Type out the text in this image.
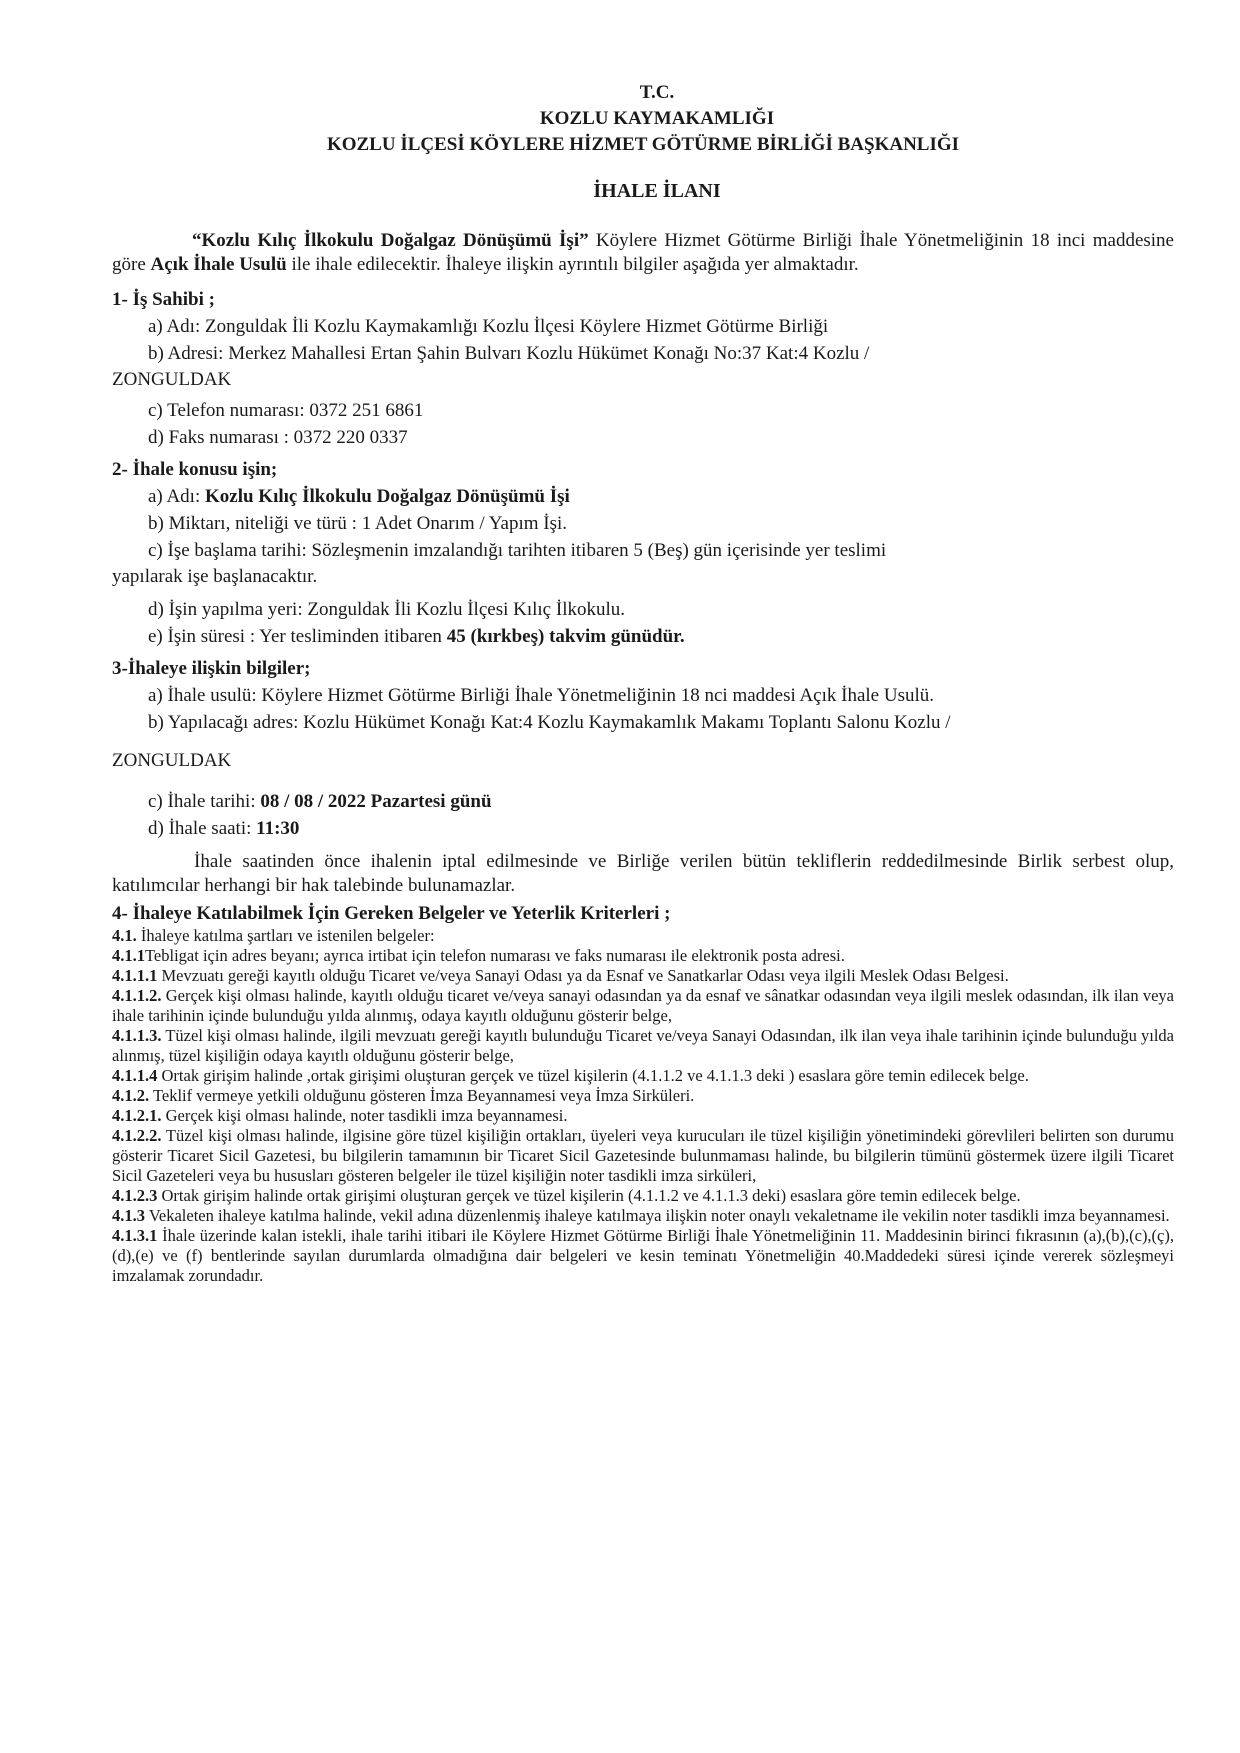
T.C.
KOZLU KAYMAKAMLIĞI
KOZLU İLÇESİ KÖYLERE HİZMET GÖTÜRME BİRLİĞİ BAŞKANLIĞI
İHALE İLANI
“Kozlu Kılıç İlkokulu Doğalgaz Dönüşümü İşi” Köylere Hizmet Götürme Birliği İhale Yönetmeliğinin 18 inci maddesine göre Açık İhale Usulü ile ihale edilecektir. İhaleye ilişkin ayrıntılı bilgiler aşağıda yer almaktadır.
1- İş Sahibi ;
a) Adı: Zonguldak İli Kozlu Kaymakamlığı Kozlu İlçesi Köylere Hizmet Götürme Birliği
b) Adresi: Merkez Mahallesi Ertan Şahin Bulvarı Kozlu Hükümet Konağı No:37 Kat:4 Kozlu /
ZONGULDAK
c) Telefon numarası: 0372 251 6861
d) Faks numarası : 0372 220 0337
2- İhale konusu işin;
a) Adı: Kozlu Kılıç İlkokulu Doğalgaz Dönüşümü İşi
b) Miktarı, niteliği ve türü : 1 Adet Onarım / Yapım İşi.
c) İşe başlama tarihi: Sözleşmenin imzalandığı tarihten itibaren 5 (Beş) gün içerisinde yer teslimi
yapılarak işe başlanacaktır.
d) İşin yapılma yeri: Zonguldak İli Kozlu İlçesi Kılıç İlkokulu.
e) İşin süresi : Yer tesliminden itibaren 45 (kırkbeş) takvim günüdür.
3-İhaleye ilişkin bilgiler;
a) İhale usulü: Köylere Hizmet Götürme Birliği İhale Yönetmeliğinin 18 nci maddesi Açık İhale Usulü.
b) Yapılacağı adres: Kozlu Hükümet Konağı Kat:4 Kozlu Kaymakamlık Makamı Toplantı Salonu Kozlu /
ZONGULDAK
c) İhale tarihi: 08 / 08 / 2022 Pazartesi günü
d) İhale saati: 11:30
İhale saatinden önce ihalenin iptal edilmesinde ve Birliğe verilen bütün tekliflerin reddedilmesinde Birlik serbest olup, katılımcılar herhangi bir hak talebinde bulunamazlar.
4- İhaleye Katılabilmek İçin Gereken Belgeler ve Yeterlik Kriterleri ;
4.1. İhaleye katılma şartları ve istenilen belgeler:
4.1.1Tebligat için adres beyanı; ayrıca irtibat için telefon numarası ve faks numarası ile elektronik posta adresi.
4.1.1.1 Mevzuatı gereği kayıtlı olduğu Ticaret ve/veya Sanayi Odası ya da Esnaf ve Sanatkarlar Odası veya ilgili Meslek Odası Belgesi.
4.1.1.2. Gerçek kişi olması halinde, kayıtlı olduğu ticaret ve/veya sanayi odasından ya da esnaf ve sânatkar odasından veya ilgili meslek odasından, ilk ilan veya ihale tarihinin içinde bulunduğu yılda alınmış, odaya kayıtlı olduğunu gösterir belge,
4.1.1.3. Tüzel kişi olması halinde, ilgili mevzuatı gereği kayıtlı bulunduğu Ticaret ve/veya Sanayi Odasından, ilk ilan veya ihale tarihinin içinde bulunduğu yılda alınmış, tüzel kişiliğin odaya kayıtlı olduğunu gösterir belge,
4.1.1.4 Ortak girişim halinde ,ortak girişimi oluşturan gerçek ve tüzel kişilerin (4.1.1.2 ve 4.1.1.3 deki ) esaslara göre temin edilecek belge.
4.1.2. Teklif vermeye yetkili olduğunu gösteren İmza Beyannamesi veya İmza Sirküleri.
4.1.2.1. Gerçek kişi olması halinde, noter tasdikli imza beyannamesi.
4.1.2.2. Tüzel kişi olması halinde, ilgisine göre tüzel kişiliğin ortakları, üyeleri veya kurucuları ile tüzel kişiliğin yönetimindeki görevlileri belirten son durumu gösterir Ticaret Sicil Gazetesi, bu bilgilerin tamamının bir Ticaret Sicil Gazetesinde bulunmaması halinde, bu bilgilerin tümünü göstermek üzere ilgili Ticaret Sicil Gazeteleri veya bu hususları gösteren belgeler ile tüzel kişiliğin noter tasdikli imza sirküleri,
4.1.2.3 Ortak girişim halinde ortak girişimi oluşturan gerçek ve tüzel kişilerin (4.1.1.2 ve 4.1.1.3 deki) esaslara göre temin edilecek belge.
4.1.3 Vekaleten ihaleye katılma halinde, vekil adına düzenlenmiş ihaleye katılmaya ilişkin noter onaylı vekaletname ile vekilin noter tasdikli imza beyannamesi.
4.1.3.1 İhale üzerinde kalan istekli, ihale tarihi itibari ile Köylere Hizmet Götürme Birliği İhale Yönetmeliğinin 11. Maddesinin birinci fıkrasının (a),(b),(c),(ç),(d),(e) ve (f) bentlerinde sayılan durumlarda olmadığına dair belgeleri ve kesin teminatı Yönetmeliğin 40.Maddedeki süresi içinde vererek sözleşmeyi imzalamak zorundadır.
